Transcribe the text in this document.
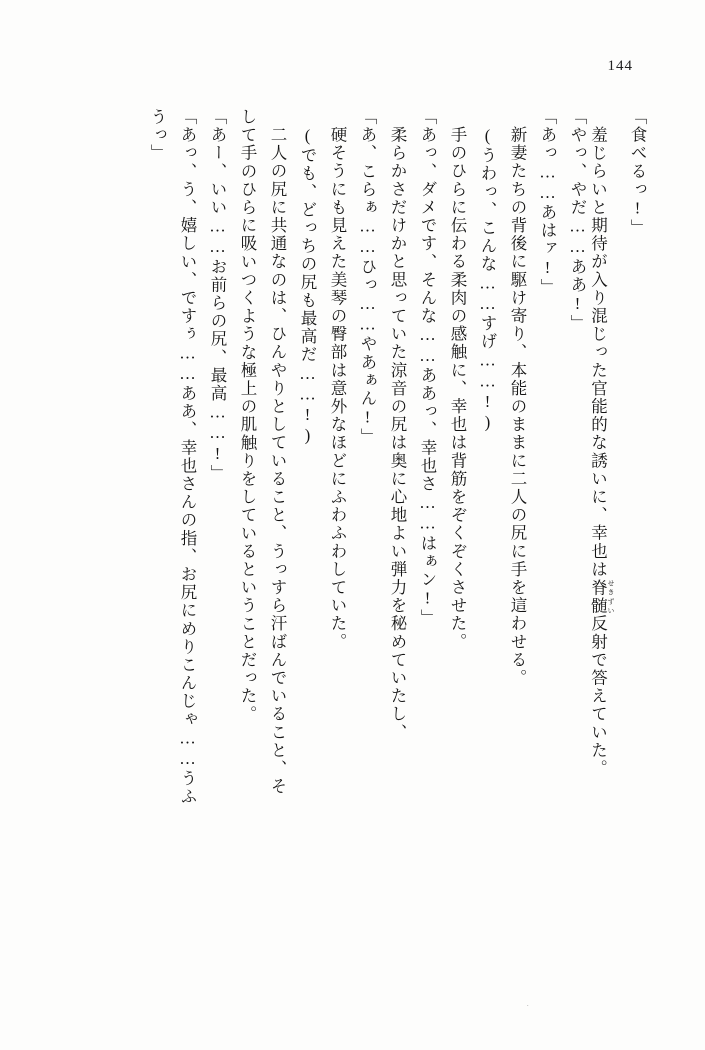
144
「食べるっ!」
羞じらいと期待が入り混じった官能的な誘いに、幸也は脊髄 せきずい反射で答えていた。
「やっ、やだ……ああ!」
「あっ……あはァ!」
新妻たちの背後に駆け寄り、本能のままに二人の尻に手を這わせる。
(うわっ、こんな……すげ……!)
手のひらに伝わる柔肉の感触に、幸也は背筋をぞくぞくさせた。
「あっ、ダメです、そんな……ああっ、幸也さ……はぁン!」
柔らかさだけかと思っていた涼音の尻は奥に心地よい弾力を秘めていたし、
「あ、こらぁ……ひっ……やあぁん!」
硬そうにも見えた美琴の臀部は意外なほどにふわふわしていた。
(でも、どっちの尻も最高だ……!)
二人の尻に共通なのは、ひんやりとしていること、うっすら汗ばんでいること、そ
して手のひらに吸いつくような極上の肌触りをしているということだった。
「あー、いい……お前らの尻、最高……!」
「あっ、う、嬉しい、ですぅ……ああ、幸也さんの指、お尻にめりこんじゃ……うふ
うっ」
·
